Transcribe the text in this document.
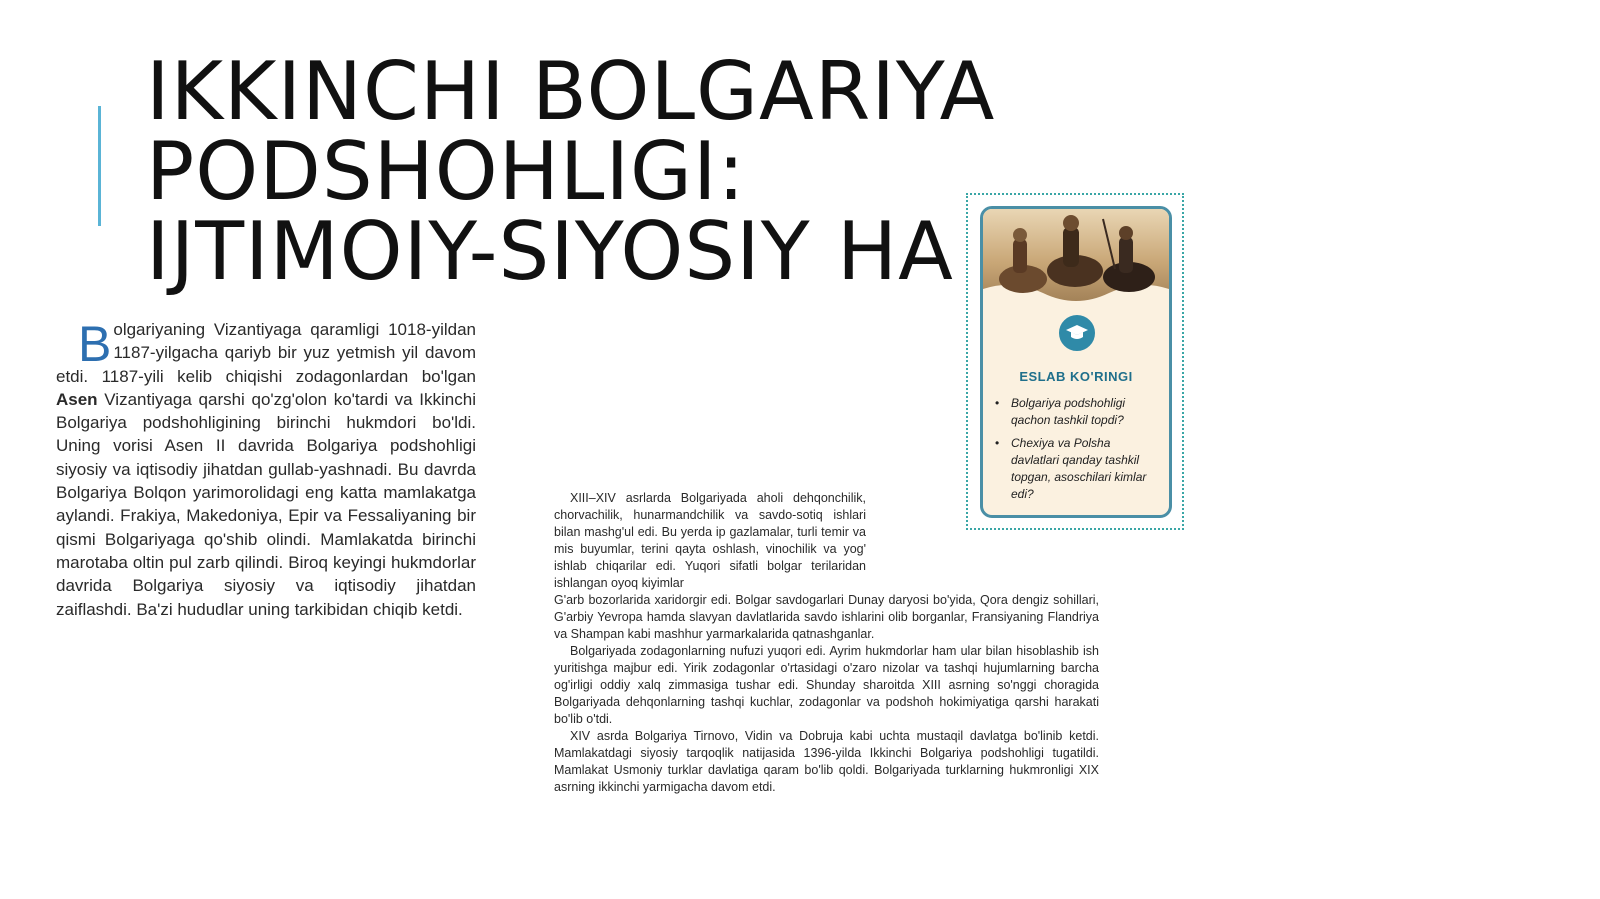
IKKINCHI BOLGARIYA
PODSHOHLIGI:
IJTIMOIY-SIYOSIY HA

Bolgariyaning Vizantiyaga qaramligi 1018-yildan 1187-yilgacha qariyb bir yuz yetmish yil davom etdi. 1187-yili kelib chiqishi zodagonlardan bo'lgan Asen Vizantiyaga qarshi qo'zg'olon ko'tardi va Ikkinchi Bolgariya podshohligining birinchi hukmdori bo'ldi. Uning vorisi Asen II davrida Bolgariya podshohligi siyosiy va iqtisodiy jihatdan gullab-yashnadi. Bu davrda Bolgariya Bolqon yarimorolidagi eng katta mamlakatga aylandi. Frakiya, Makedoniya, Epir va Fessaliyaning bir qismi Bolgariyaga qo'shib olindi. Mamlakatda birinchi marotaba oltin pul zarb qilindi. Biroq keyingi hukmdorlar davrida Bolgariya siyosiy va iqtisodiy jihatdan zaiflashdi. Ba'zi hududlar uning tarkibidan chiqib ketdi.

XIII–XIV asrlarda Bolgariyada aholi dehqonchilik, chorvachilik, hunarmandchilik va savdo-sotiq ishlari bilan mashg'ul edi. Bu yerda ip gazlamalar, turli temir va mis buyumlar, terini qayta oshlash, vinochilik va yog' ishlab chiqarilar edi. Yuqori sifatli bolgar terilaridan ishlangan oyoq kiyimlar

G'arb bozorlarida xaridorgir edi. Bolgar savdogarlari Dunay daryosi bo'yida, Qora dengiz sohillari, G'arbiy Yevropa hamda slavyan davlatlarida savdo ishlarini olib borganlar, Fransiyaning Flandriya va Shampan kabi mashhur yarmarkalarida qatnashganlar.

Bolgariyada zodagonlarning nufuzi yuqori edi. Ayrim hukmdorlar ham ular bilan hisoblashib ish yuritishga majbur edi. Yirik zodagonlar o'rtasidagi o'zaro nizolar va tashqi hujumlarning barcha og'irligi oddiy xalq zimmasiga tushar edi. Shunday sharoitda XIII asrning so'nggi choragida Bolgariyada dehqonlarning tashqi kuchlar, zodagonlar va podshoh hokimiyatiga qarshi harakati bo'lib o'tdi.

XIV asrda Bolgariya Tirnovo, Vidin va Dobruja kabi uchta mustaqil davlatga bo'linib ketdi. Mamlakatdagi siyosiy tarqoqlik natijasida 1396-yilda Ikkinchi Bolgariya podshohligi tugatildi. Mamlakat Usmoniy turklar davlatiga qaram bo'lib qoldi. Bolgariyada turklarning hukmronligi XIX asrning ikkinchi yarmigacha davom etdi.

ESLAB KO'RINGI
• Bolgariya podshohligi qachon tashkil topdi?
• Chexiya va Polsha davlatlari qanday tashkil topgan, asoschilari kimlar edi?
